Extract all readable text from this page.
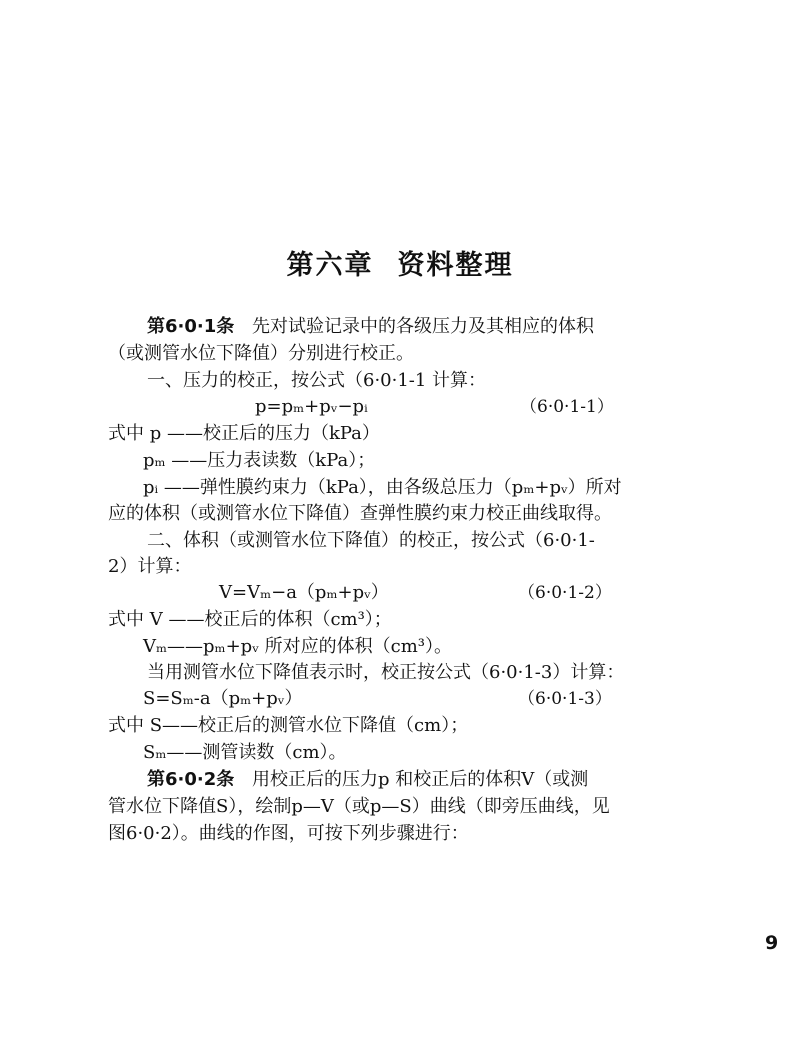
第六章 资料整理
第6·0·1条 先对试验记录中的各级压力及其相应的体积
（或测管水位下降值）分别进行校正。
一、压力的校正，按公式（6·0·1-1 计算：
p=pₘ+pᵥ−pᵢ	（6·0·1-1）
式中 p ——校正后的压力（kPa）
pₘ ——压力表读数（kPa）；
pᵢ ——弹性膜约束力（kPa），由各级总压力（pₘ+pᵥ）所对
应的体积（或测管水位下降值）查弹性膜约束力校正曲线取得。
二、体积（或测管水位下降值）的校正，按公式（6·0·1-
2）计算：
V=Vₘ−a（pₘ+pᵥ）	（6·0·1-2）
式中 V ——校正后的体积（cm³）；
Vₘ——pₘ+pᵥ 所对应的体积（cm³）。
当用测管水位下降值表示时，校正按公式（6·0·1-3）计算：
S=Sₘ-a（pₘ+pᵥ）	（6·0·1-3）
式中 S——校正后的测管水位下降值（cm）；
Sₘ——测管读数（cm）。
第6·0·2条 用校正后的压力p 和校正后的体积V（或测
管水位下降值S），绘制p—V（或p—S）曲线（即旁压曲线，见
图6·0·2）。曲线的作图，可按下列步骤进行：
9
